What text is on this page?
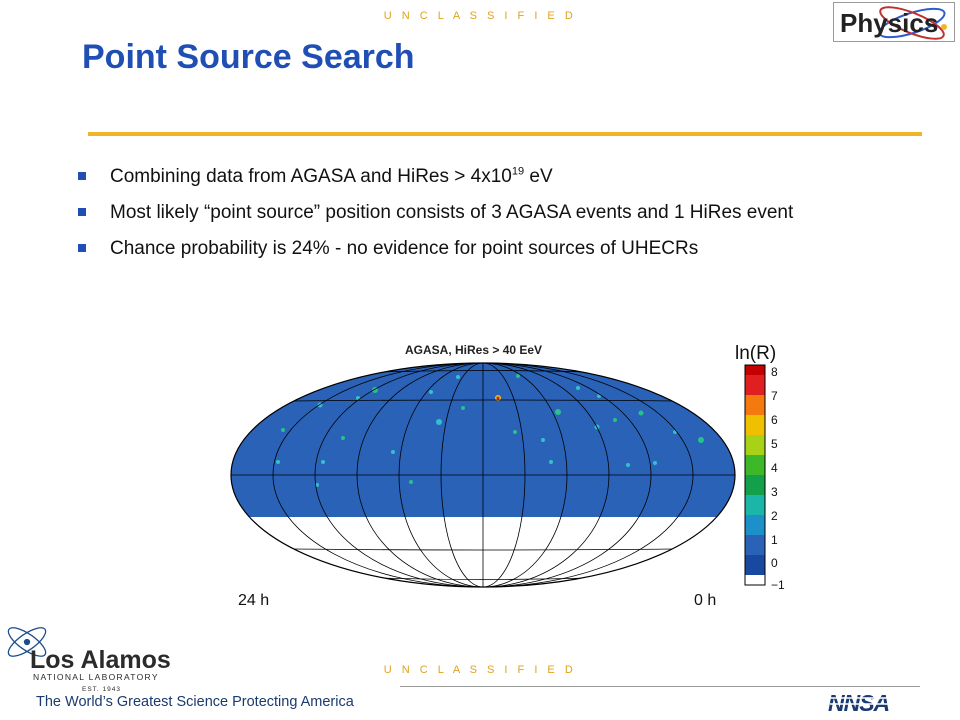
U N C L A S S I F I E D
Point Source Search
Physics
Combining data from AGASA and HiRes > $4x10^{19}$ eV
Most likely “point source” position consists of 3 AGASA events and 1 HiRes event
Chance probability is 24% - no evidence for point sources of UHECRs
AGASA, HiRes > 40 EeV	ln(R)
8
7
6
5
4
3
2
1
0
−1
24 h	0 h
U N C L A S S I F I E D
Los Alamos
NATIONAL LABORATORY
EST. 1943
The World’s Greatest Science Protecting America	NNSA
